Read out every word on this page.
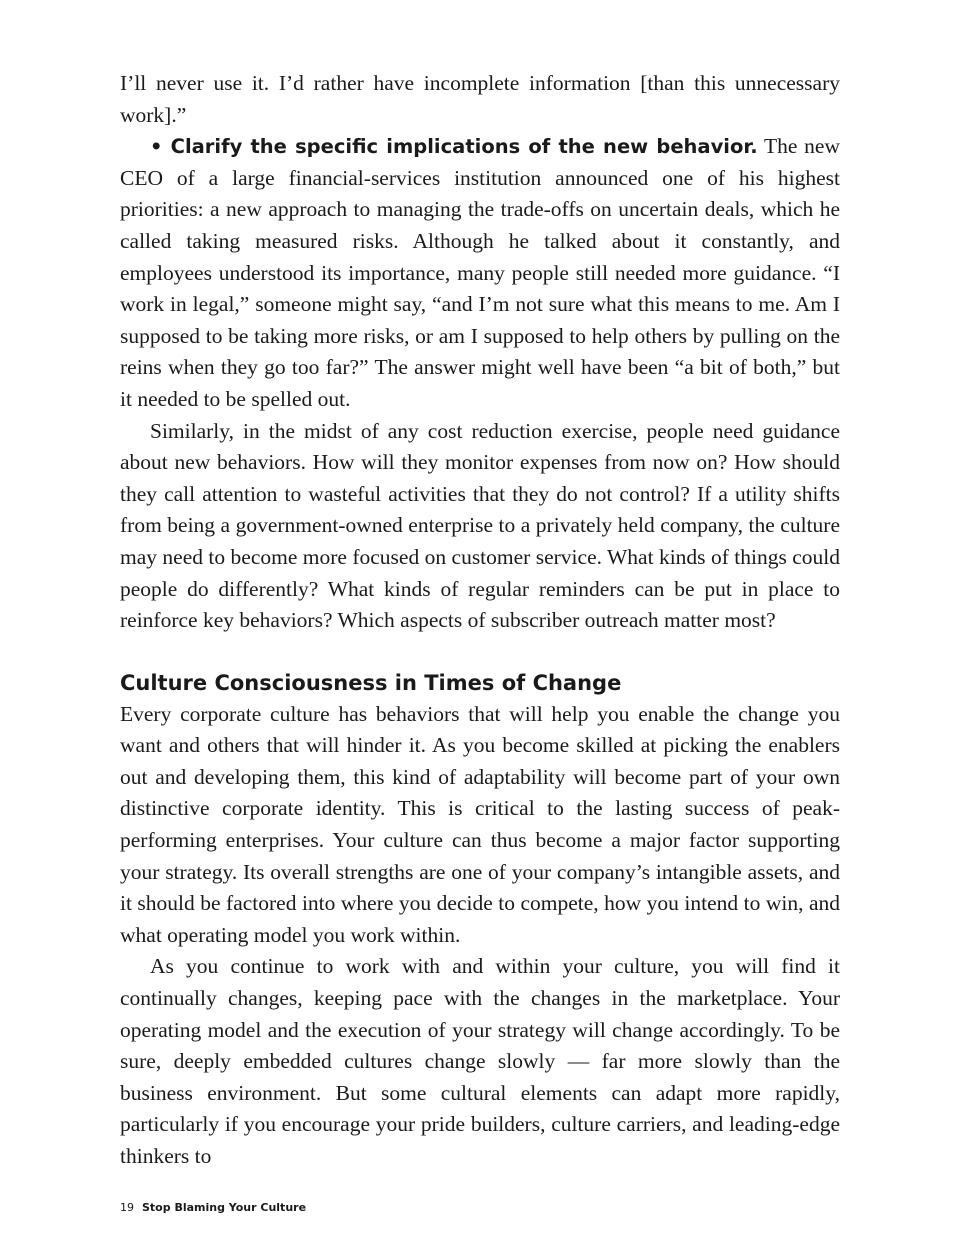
I’ll never use it. I’d rather have incomplete information [than this unnecessary work].”

• Clarify the specific implications of the new behavior. The new CEO of a large financial-services institution announced one of his highest priorities: a new approach to managing the trade-offs on uncertain deals, which he called taking measured risks. Although he talked about it constantly, and employees understood its importance, many people still needed more guidance. “I work in legal,” someone might say, “and I’m not sure what this means to me. Am I supposed to be taking more risks, or am I supposed to help others by pulling on the reins when they go too far?” The answer might well have been “a bit of both,” but it needed to be spelled out.

Similarly, in the midst of any cost reduction exercise, people need guidance about new behaviors. How will they monitor expenses from now on? How should they call attention to wasteful activities that they do not control? If a utility shifts from being a government-owned enterprise to a privately held company, the culture may need to become more focused on customer service. What kinds of things could people do differently? What kinds of regular reminders can be put in place to reinforce key behaviors? Which aspects of subscriber outreach matter most?

Culture Consciousness in Times of Change

Every corporate culture has behaviors that will help you enable the change you want and others that will hinder it. As you become skilled at picking the enablers out and developing them, this kind of adaptability will become part of your own distinctive corporate identity. This is critical to the lasting success of peak-performing enterprises. Your culture can thus become a major factor supporting your strategy. Its overall strengths are one of your company’s intangible assets, and it should be factored into where you decide to compete, how you intend to win, and what operating model you work within.

As you continue to work with and within your culture, you will find it continually changes, keeping pace with the changes in the marketplace. Your operating model and the execution of your strategy will change accordingly. To be sure, deeply embedded cultures change slowly — far more slowly than the business environment. But some cultural elements can adapt more rapidly, particularly if you encourage your pride builders, culture carriers, and leading-edge thinkers to

19 Stop Blaming Your Culture
